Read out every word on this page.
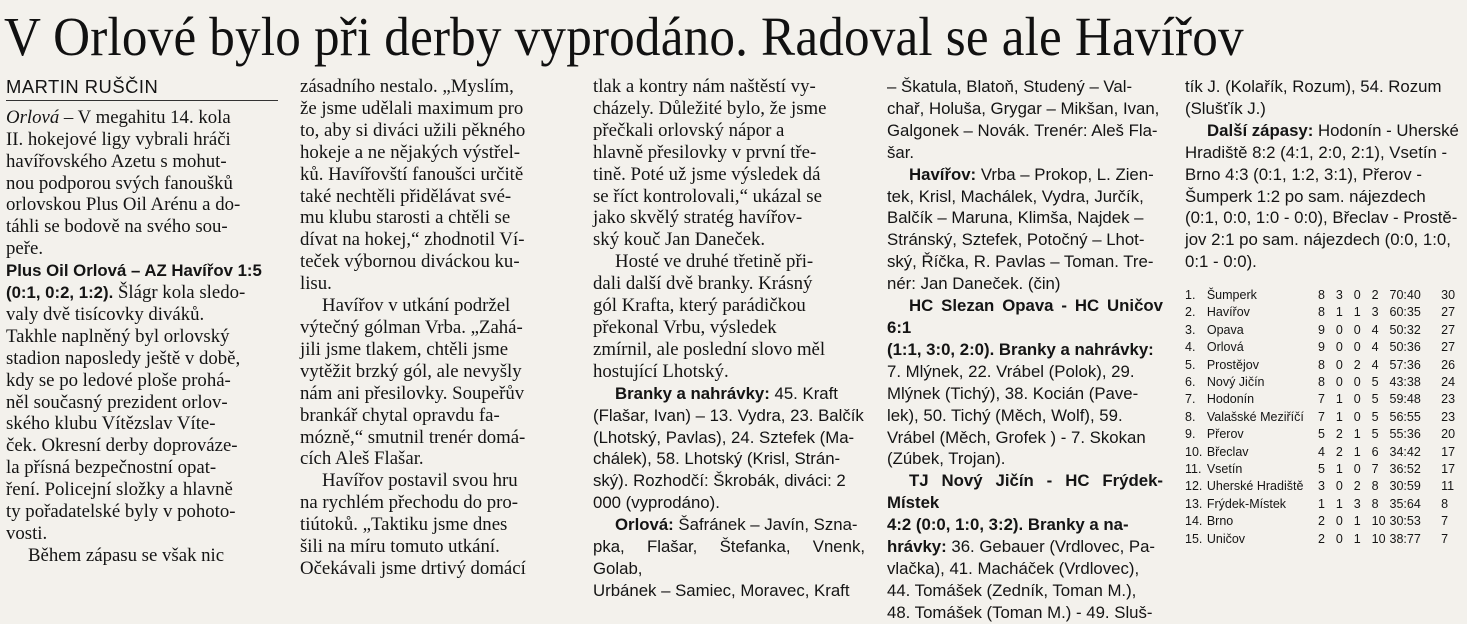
V Orlové bylo při derby vyprodáno. Radoval se ale Havířov

MARTIN RUŠČIN

Orlová – V megahitu 14. kola
II. hokejové ligy vybrali hráči
havířovského Azetu s mohut-
nou podporou svých fanoušků
orlovskou Plus Oil Arénu a do-
táhli se bodově na svého sou-
peře.

Plus Oil Orlová – AZ Havířov 1:5
(0:1, 0:2, 1:2). Šlágr kola sledo-
valy dvě tisícovky diváků.
Takhle naplněný byl orlovský
stadion naposledy ještě v době,
kdy se po ledové ploše prohá-
něl současný prezident orlov-
ského klubu Vítězslav Víte-
ček. Okresní derby doprovázе-
la přísná bezpečnostní opat-
ření. Policejní složky a hlavně
ty pořadatelské byly v pohoto-
vosti.

Během zápasu se však nic

zásadního nestalo. „Myslím,
že jsme udělali maximum pro
to, aby si diváci užili pěkného
hokeje a ne nějakých výstřel-
ků. Havířovští fanoušci určitě
také nechtěli přidělávat své-
mu klubu starosti a chtěli se
dívat na hokej,“ zhodnotil Ví-
teček výbornou diváckou ku-
lisu.

Havířov v utkání podržel
výtečný gólman Vrba. „Zahá-
jili jsme tlakem, chtěli jsme
vytěžit brzký gól, ale nevyšly
nám ani přesilovky. Soupeřův
brankář chytal opravdu fa-
mózně,“ smutnil trenér domá-
cích Aleš Flašar.

Havířov postavil svou hru
na rychlém přechodu do pro-
tiútoků. „Taktiku jsme dnes
šili na míru tomuto utkání.
Očekávali jsme drtivý domácí

tlak a kontry nám naštěstí vy-
cházely. Důležité bylo, že jsme
přečkali orlovský nápor a
hlavně přesilovky v první tře-
tině. Poté už jsme výsledek dá
se říct kontrolovali,“ ukázal se
jako skvělý stratég havířov-
ský kouč Jan Daneček.

Hosté ve druhé třetině při-
dali další dvě branky. Krásný
gól Krafta, který parádičkou
překonal Vrbu, výsledek
zmírnil, ale poslední slovo měl
hostující Lhotský.

Branky a nahrávky: 45. Kraft
(Flašar, Ivan) – 13. Vydra, 23. Balčík
(Lhotský, Pavlas), 24. Sztefek (Ma-
chálek), 58. Lhotský (Krisl, Strán-
ský). Rozhodčí: Škrobák, diváci: 2
000 (vyprodáno).

Orlová: Šafránek – Javín, Sznа-
pka, Flašar, Štefanka, Vnenk, Golab,
Urbánek – Samiec, Moravec, Kraft

– Škatula, Blatoň, Studený – Val-
chař, Holuša, Grygar – Mikšan, Ivan,
Galgonek – Novák. Trenér: Aleš Fla-
šar.

Havířov: Vrba – Prokop, L. Zien-
tek, Krisl, Machálek, Vydra, Jurčík,
Balčík – Maruna, Klimša, Najdek –
Stránský, Sztefek, Potočný – Lhot-
ský, Říčka, R. Pavlas – Toman. Tre-
nér: Jan Daneček. (čin)

HC Slezan Opava - HC Uničov 6:1
(1:1, 3:0, 2:0). Branky a nahrávky:
7. Mlýnek, 22. Vrábel (Polok), 29.
Mlýnek (Tichý), 38. Kocián (Pave-
lek), 50. Tichý (Měch, Wolf), 59.
Vrábel (Měch, Grofek ) - 7. Skokan
(Zúbek, Trojan).

TJ Nový Jičín - HC Frýdek-Místek
4:2 (0:0, 1:0, 3:2). Branky a na-
hrávky: 36. Gebauer (Vrdlovec, Pa-
vlačka), 41. Macháček (Vrdlovec),
44. Tomášek (Zedník, Toman M.),
48. Tomášek (Toman M.) - 49. Sluš-

tík J. (Kolařík, Rozum), 54. Rozum
(Slušťík J.)

Další zápasy: Hodonín - Uherské
Hradiště 8:2 (4:1, 2:0, 2:1), Vsetín -
Brno 4:3 (0:1, 1:2, 3:1), Přerov -
Šumperk 1:2 po sam. nájezdech
(0:1, 0:0, 1:0 - 0:0), Břeclav - Prostě-
jov 2:1 po sam. nájezdech (0:0, 1:0,
0:1 - 0:0).

1. Šumperk	8 3 0 2 70:40	30
2. Havířov	8 1 1 3 60:35	27
3. Opava	9 0 0 4 50:32	27
4. Orlová	9 0 0 4 50:36	27
5. Prostějov	8 0 2 4 57:36	26
6. Nový Jičín	8 0 0 5 43:38	24
7. Hodonín	7 1 0 5 59:48	23
8. Valašské Meziříčí	7 1 0 5 56:55	23
9. Přerov	5 2 1 5 55:36	20
10. Břeclav	4 2 1 6 34:42	17
11. Vsetín	5 1 0 7 36:52	17
12. Uherské Hradiště	3 0 2 8 30:59	11
13. Frýdek-Místek	1 1 3 8 35:64	8
14. Brno	2 0 1 10 30:53	7
15. Uničov	2 0 1 10 38:77	7
